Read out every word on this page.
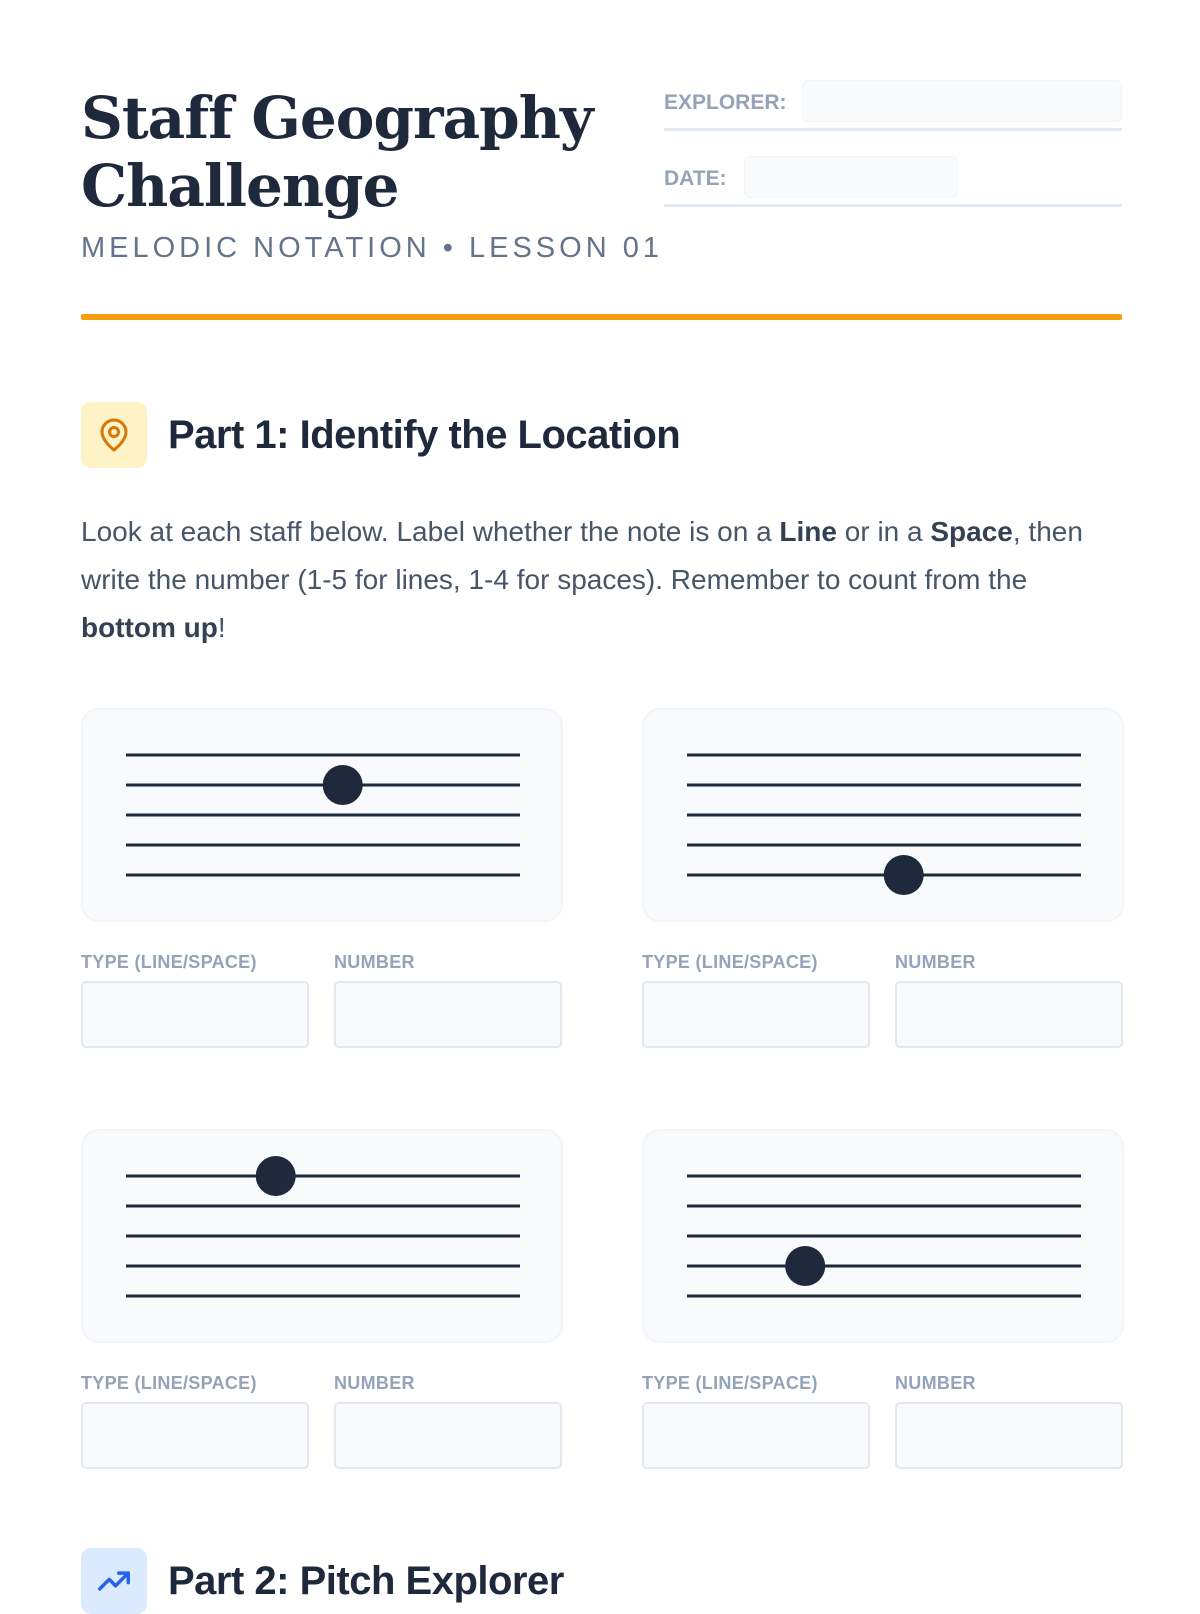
Staff Geography
Challenge
MELODIC NOTATION • LESSON 01
EXPLORER:
DATE:
Part 1: Identify the Location

Look at each staff below. Label whether the note is on a Line or in a Space, then write the number (1-5 for lines, 1-4 for spaces). Remember to count from the bottom up!

TYPE (LINE/SPACE)	NUMBER	TYPE (LINE/SPACE)	NUMBER
TYPE (LINE/SPACE)	NUMBER	TYPE (LINE/SPACE)	NUMBER
Part 2: Pitch Explorer
